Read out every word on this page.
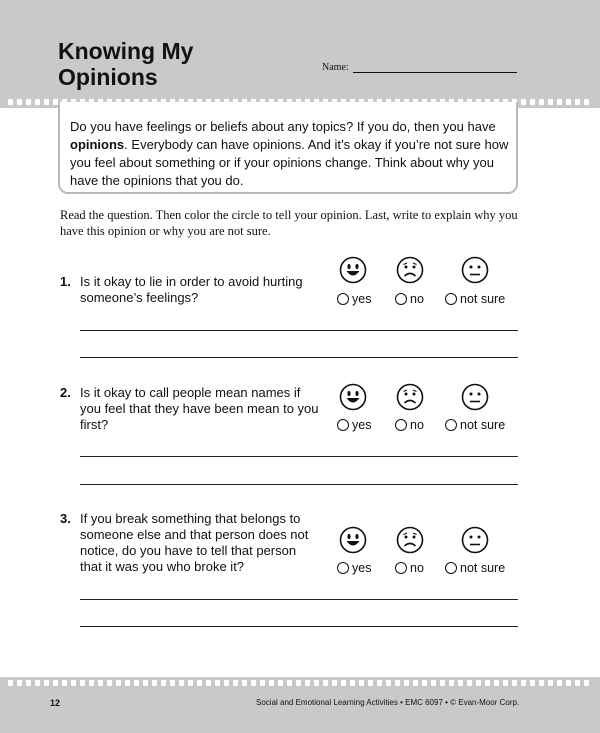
Knowing My
Opinions	Name:
Do you have feelings or beliefs about any topics? If you do, then you have opinions. Everybody can have opinions. And it’s okay if you’re not sure how you feel about something or if your opinions change. Think about why you have the opinions that you do.
Read the question. Then color the circle to tell your opinion. Last, write to explain why you have this opinion or why you are not sure.
1. Is it okay to lie in order to avoid hurting someone’s feelings?	yes	no	not sure
2. Is it okay to call people mean names if you feel that they have been mean to you first?	yes	no	not sure
3. If you break something that belongs to someone else and that person does not notice, do you have to tell that person that it was you who broke it?	yes	no	not sure
12	Social and Emotional Learning Activities • EMC 6097 • © Evan-Moor Corp.
